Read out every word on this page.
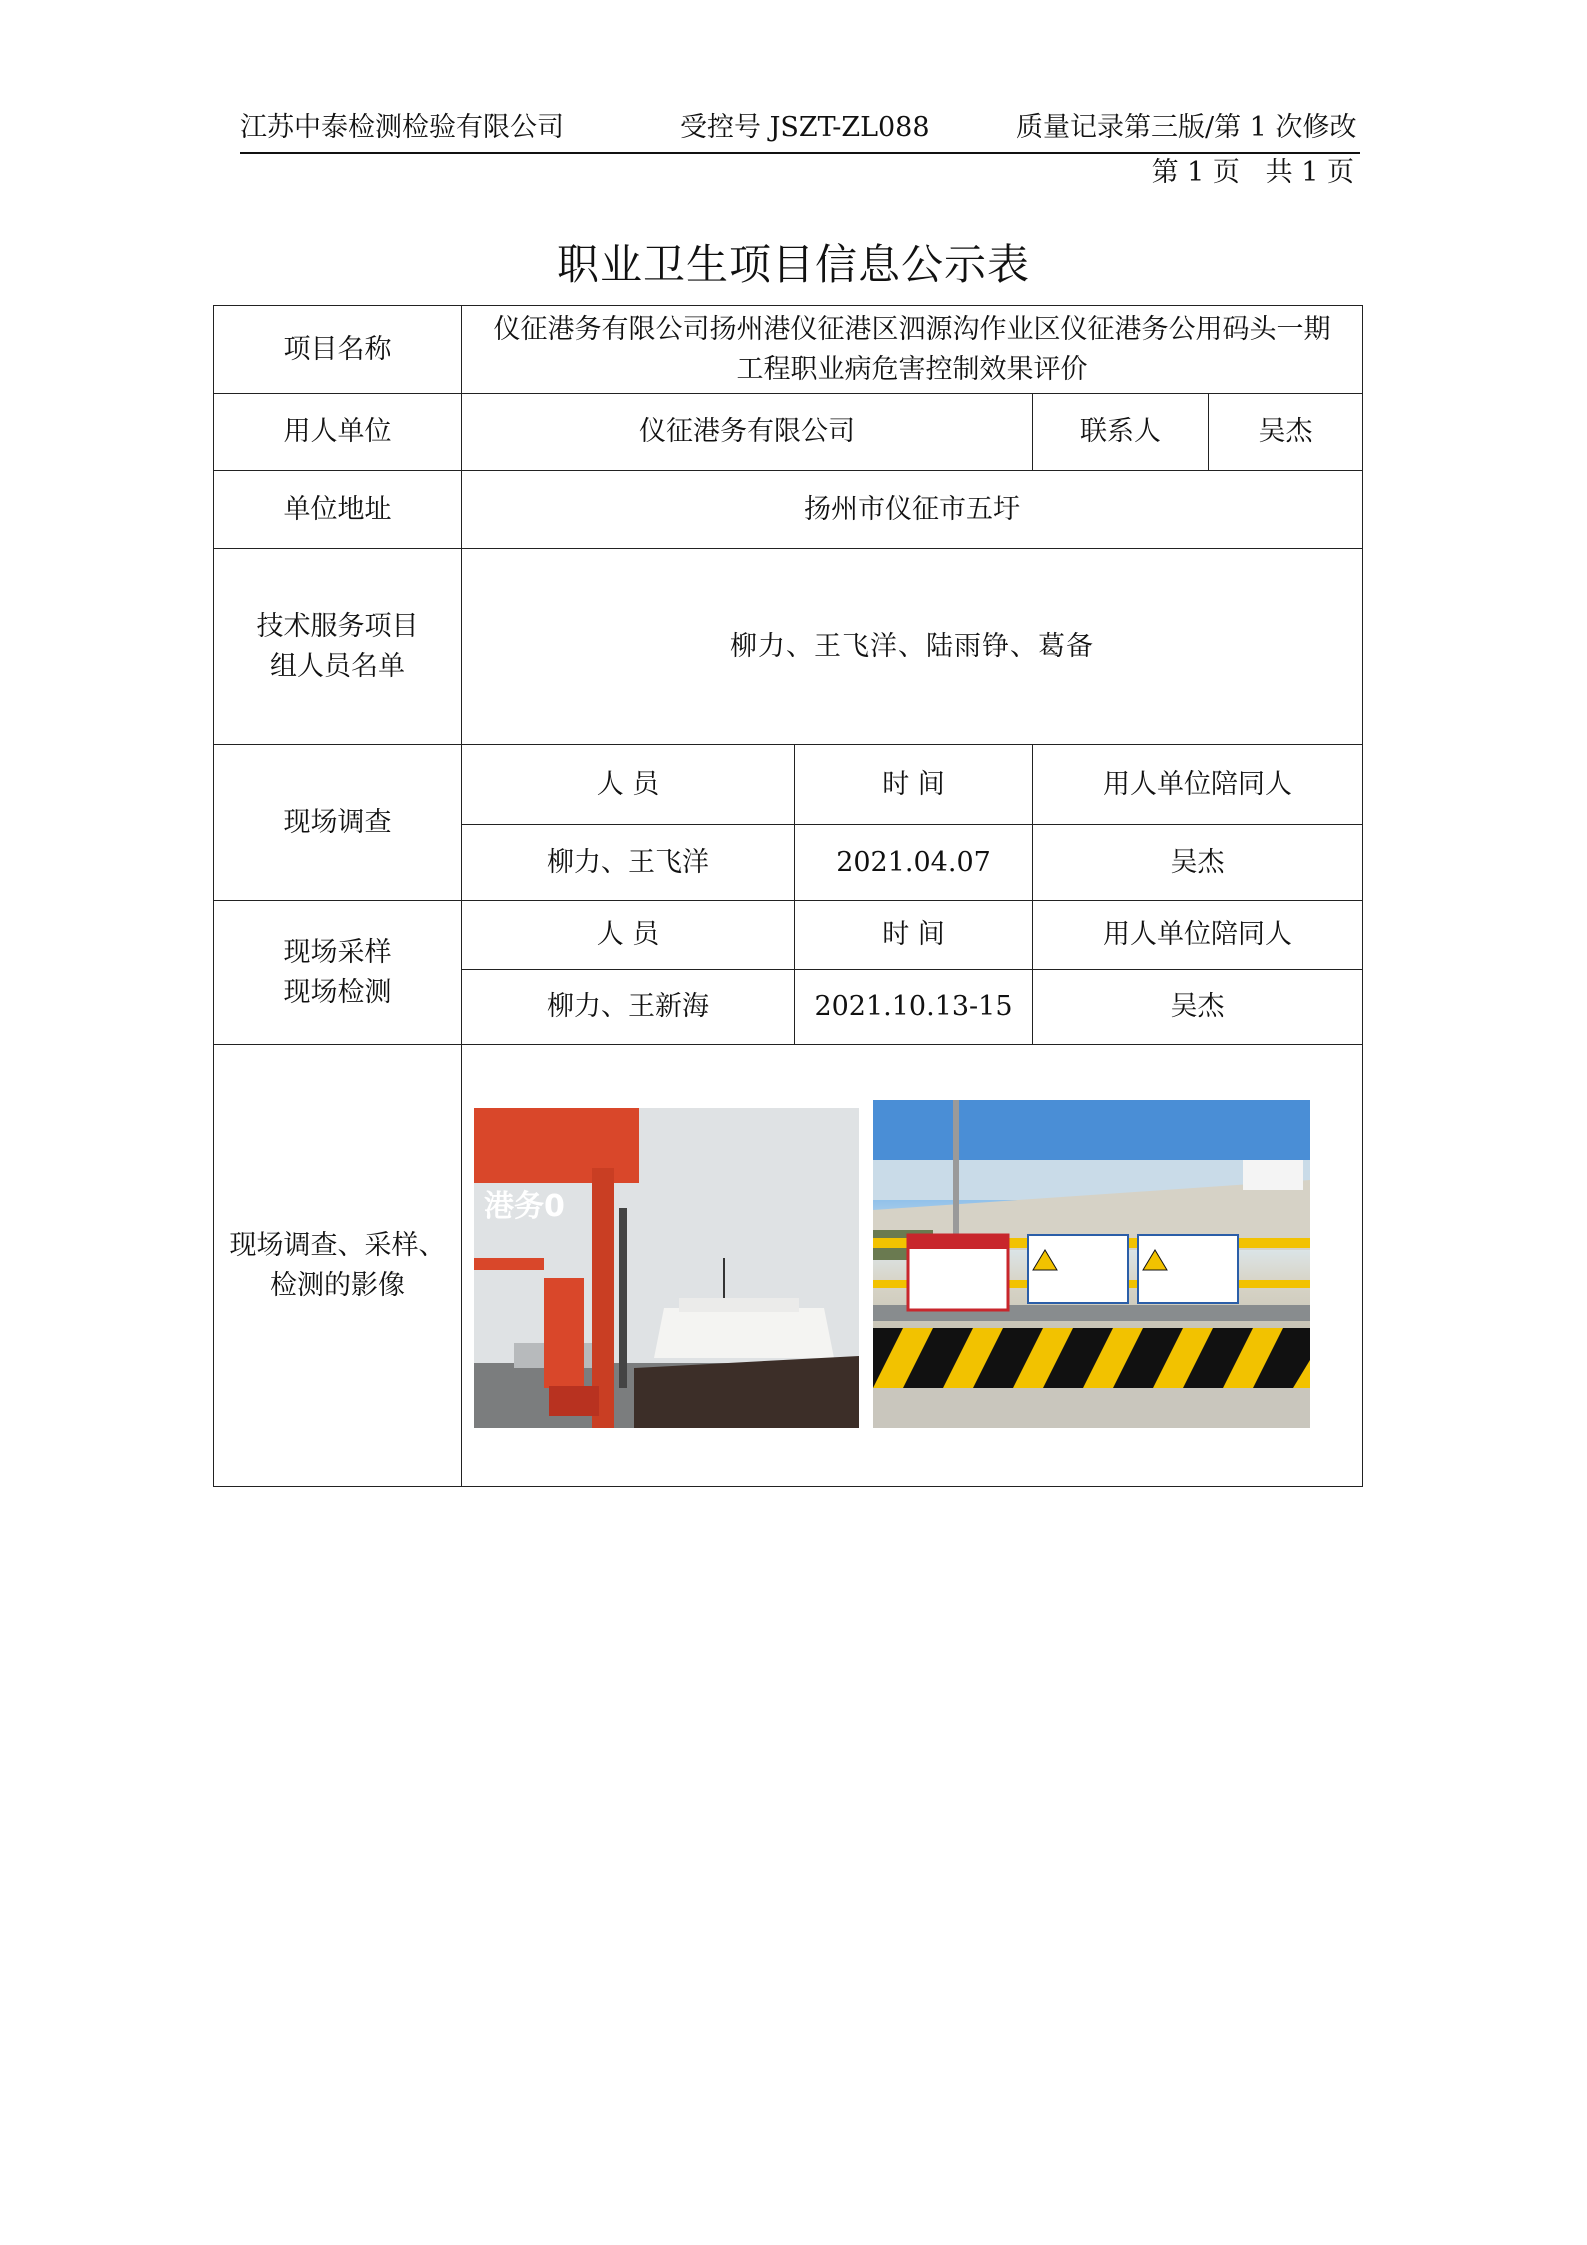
江苏中泰检测检验有限公司	受控号 JSZT-ZL088	质量记录第三版/第 1 次修改
第 1 页   共 1 页
职业卫生项目信息公示表
项目名称	仪征港务有限公司扬州港仪征港区泗源沟作业区仪征港务公用码头一期工程职业病危害控制效果评价			
用人单位	仪征港务有限公司		联系人	吴杰
单位地址	扬州市仪征市五圩			
技术服务项目组人员名单	柳力、王飞洋、陆雨铮、葛备			
现场调查	人 员	时 间	用人单位陪同人	
	柳力、王飞洋	2021.04.07	吴杰	

现场采样
现场检测	人 员	时 间	用人单位陪同人	
	柳力、王新海	2021.10.13-15	吴杰	
现场调查、采样、检测的影像	港务0			
